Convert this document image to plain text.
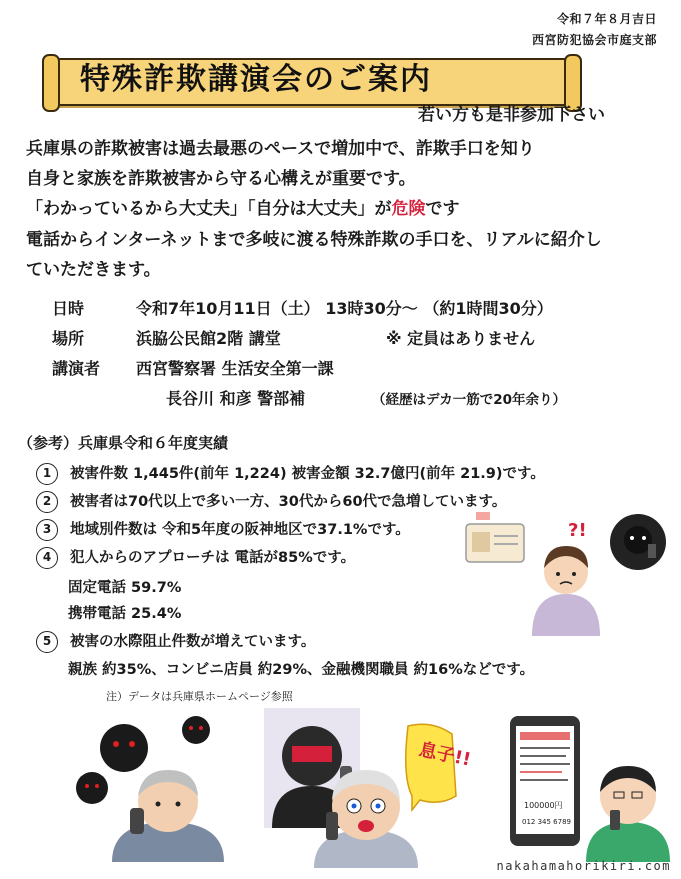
令和７年８月吉日
西宮防犯協会市庭支部
特殊詐欺講演会のご案内
若い方も是非参加下さい
兵庫県の詐欺被害は過去最悪のペースで増加中で、詐欺手口を知り
自身と家族を詐欺被害から守る心構えが重要です。
「わかっているから大丈夫」「自分は大丈夫」が危険です
電話からインターネットまで多岐に渡る特殊詐欺の手口を、リアルに紹介し
ていただきます。
日時	令和7年10月11日（土） 13時30分～ （約1時間30分）
場所	浜脇公民館2階 講堂	※ 定員はありません
講演者 西宮警察署 生活安全第一課
長谷川 和彦 警部補	（経歴はデカ一筋で20年余り）
（参考）兵庫県令和６年度実績
1 被害件数 1,445件(前年 1,224) 被害金額 32.7億円(前年 21.9)です。
2 被害者は70代以上で多い一方、30代から60代で急増しています。
3 地域別件数は 令和5年度の阪神地区で37.1%です。
4 犯人からのアプローチは 電話が85%です。
固定電話 59.7%
携帯電話 25.4%
5 被害の水際阻止件数が増えています。
親族 約35%、コンビニ店員 約29%、金融機関職員 約16%などです。
注）データは兵庫県ホームページ参照
?!
息子!!
100000円
012 345 6789
nakahamahorikiri.com
